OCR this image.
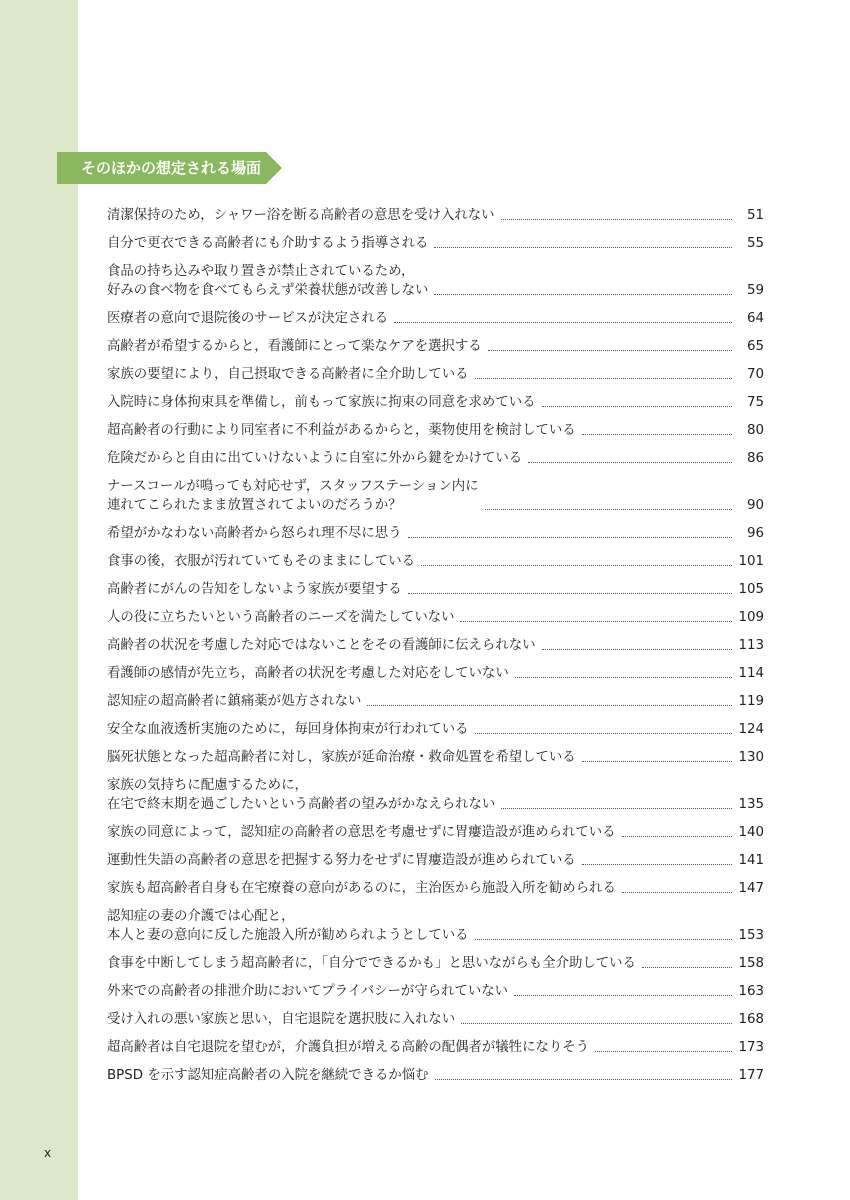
そのほかの想定される場面
清潔保持のため，シャワー浴を断る高齢者の意思を受け入れない	51
自分で更衣できる高齢者にも介助するよう指導される	55
食品の持ち込みや取り置きが禁止されているため，
好みの食べ物を食べてもらえず栄養状態が改善しない	59
医療者の意向で退院後のサービスが決定される	64
高齢者が希望するからと，看護師にとって楽なケアを選択する	65
家族の要望により，自己摂取できる高齢者に全介助している	70
入院時に身体拘束具を準備し，前もって家族に拘束の同意を求めている	75
超高齢者の行動により同室者に不利益があるからと，薬物使用を検討している	80
危険だからと自由に出ていけないように自室に外から鍵をかけている	86
ナースコールが鳴っても対応せず，スタッフステーション内に
連れてこられたまま放置されてよいのだろうか？	90
希望がかなわない高齢者から怒られ理不尽に思う	96
食事の後，衣服が汚れていてもそのままにしている	101
高齢者にがんの告知をしないよう家族が要望する	105
人の役に立ちたいという高齢者のニーズを満たしていない	109
高齢者の状況を考慮した対応ではないことをその看護師に伝えられない	113
看護師の感情が先立ち，高齢者の状況を考慮した対応をしていない	114
認知症の超高齢者に鎮痛薬が処方されない	119
安全な血液透析実施のために，毎回身体拘束が行われている	124
脳死状態となった超高齢者に対し，家族が延命治療・救命処置を希望している	130
家族の気持ちに配慮するために，
在宅で終末期を過ごしたいという高齢者の望みがかなえられない	135
家族の同意によって，認知症の高齢者の意思を考慮せずに胃瘻造設が進められている	140
運動性失語の高齢者の意思を把握する努力をせずに胃瘻造設が進められている	141
家族も超高齢者自身も在宅療養の意向があるのに，主治医から施設入所を勧められる	147
認知症の妻の介護では心配と，
本人と妻の意向に反した施設入所が勧められようとしている	153
食事を中断してしまう超高齢者に，「自分でできるかも」と思いながらも全介助している	158
外来での高齢者の排泄介助においてプライバシーが守られていない	163
受け入れの悪い家族と思い，自宅退院を選択肢に入れない	168
超高齢者は自宅退院を望むが，介護負担が増える高齢の配偶者が犠牲になりそう	173
BPSD を示す認知症高齢者の入院を継続できるか悩む	177
x
